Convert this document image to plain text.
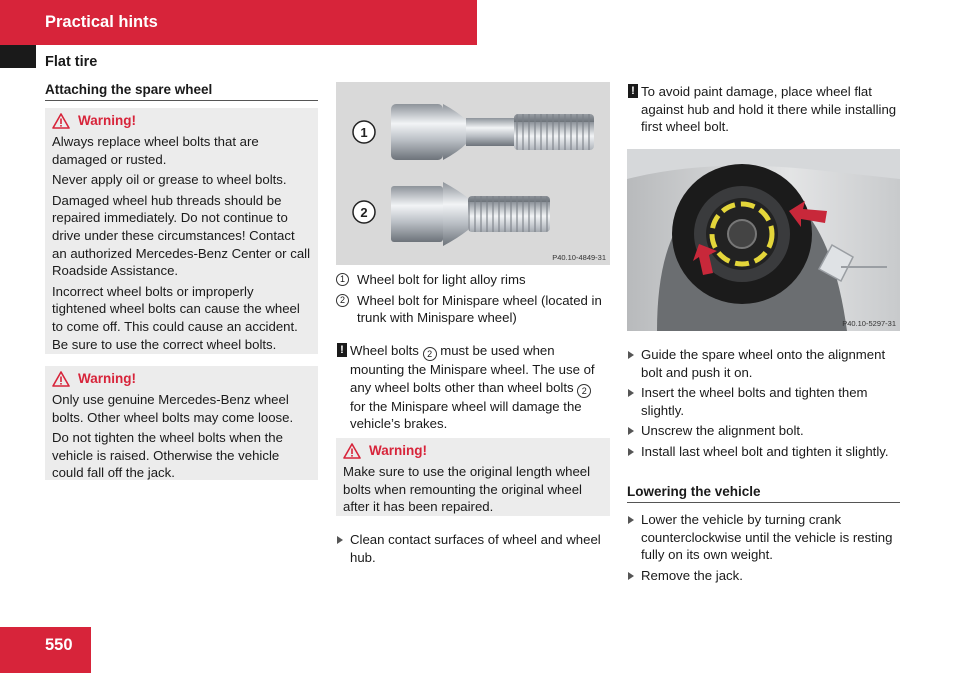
Practical hints
Flat tire
Attaching the spare wheel
Warning!

Always replace wheel bolts that are damaged or rusted.

Never apply oil or grease to wheel bolts.

Damaged wheel hub threads should be repaired immediately. Do not continue to drive under these circumstances! Contact an authorized Mercedes-Benz Center or call Roadside Assistance.

Incorrect wheel bolts or improperly tightened wheel bolts can cause the wheel to come off. This could cause an accident. Be sure to use the correct wheel bolts.

Warning!

Only use genuine Mercedes-Benz wheel bolts. Other wheel bolts may come loose.

Do not tighten the wheel bolts when the vehicle is raised. Otherwise the vehicle could fall off the jack.

1
2
P40.10-4849-31
1 Wheel bolt for light alloy rims
2 Wheel bolt for Minispare wheel (located in trunk with Minispare wheel)
! Wheel bolts 2 must be used when mounting the Minispare wheel. The use of any wheel bolts other than wheel bolts 2 for the Minispare wheel will damage the vehicle’s brakes.
Warning!

Make sure to use the original length wheel bolts when remounting the original wheel after it has been repaired.

Clean contact surfaces of wheel and wheel hub.
! To avoid paint damage, place wheel flat against hub and hold it there while installing first wheel bolt.
P40.10-5297-31
Guide the spare wheel onto the alignment bolt and push it on.
Insert the wheel bolts and tighten them slightly.
Unscrew the alignment bolt.
Install last wheel bolt and tighten it slightly.
Lowering the vehicle
Lower the vehicle by turning crank counterclockwise until the vehicle is resting fully on its own weight.
Remove the jack.
550
